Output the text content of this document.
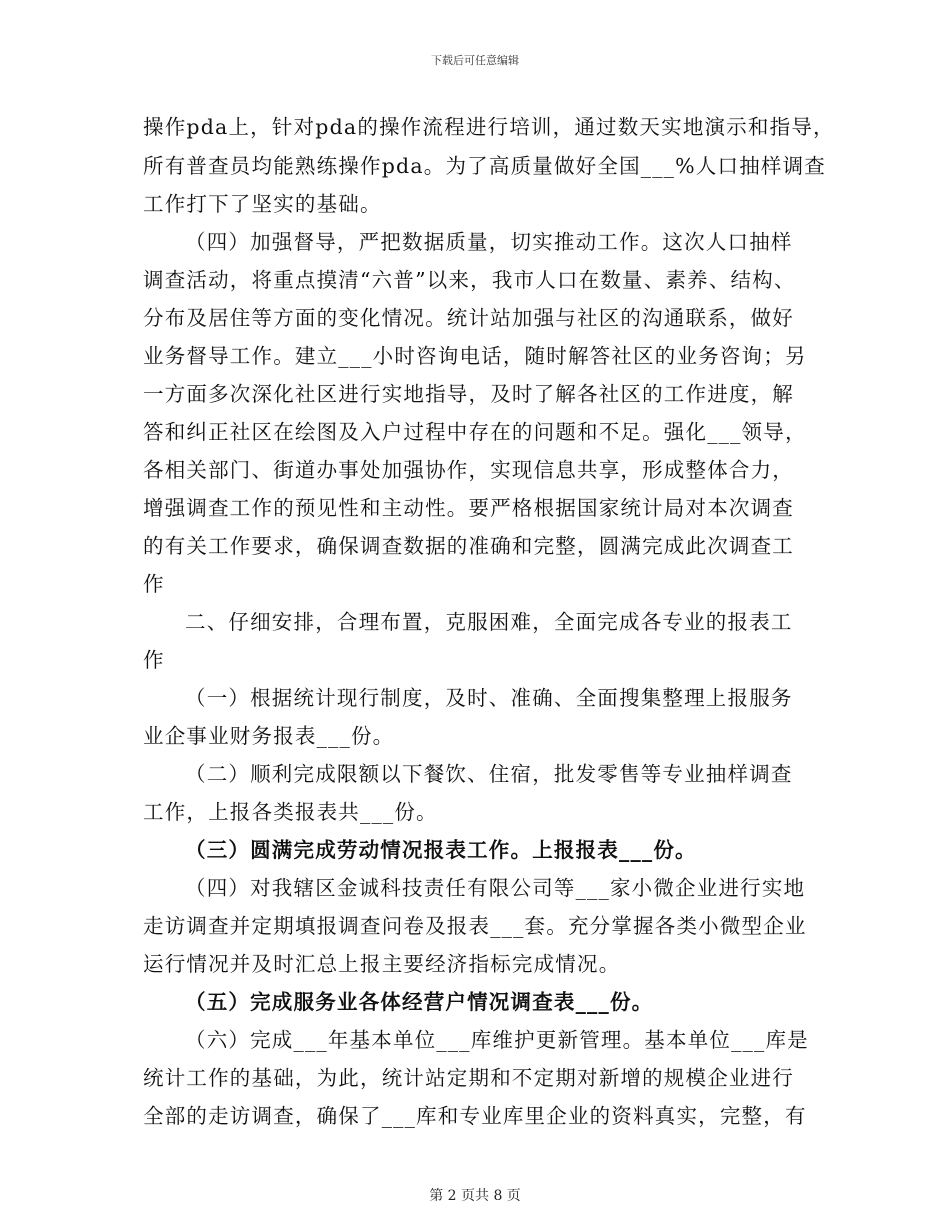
下载后可任意编辑
操作pda上，针对pda的操作流程进行培训，通过数天实地演示和指导，
所有普查员均能熟练操作pda。为了高质量做好全国___%人口抽样调查
工作打下了坚实的基础。
（四）加强督导，严把数据质量，切实推动工作。这次人口抽样
调查活动，将重点摸清“六普”以来，我市人口在数量、素养、结构、
分布及居住等方面的变化情况。统计站加强与社区的沟通联系，做好
业务督导工作。建立___小时咨询电话，随时解答社区的业务咨询；另
一方面多次深化社区进行实地指导，及时了解各社区的工作进度，解
答和纠正社区在绘图及入户过程中存在的问题和不足。强化___领导，
各相关部门、街道办事处加强协作，实现信息共享，形成整体合力，
增强调查工作的预见性和主动性。要严格根据国家统计局对本次调查
的有关工作要求，确保调查数据的准确和完整，圆满完成此次调查工
作
二、仔细安排，合理布置，克服困难，全面完成各专业的报表工
作
（一）根据统计现行制度，及时、准确、全面搜集整理上报服务
业企事业财务报表___份。
（二）顺利完成限额以下餐饮、住宿，批发零售等专业抽样调查
工作，上报各类报表共___份。
（三）圆满完成劳动情况报表工作。上报报表___份。
（四）对我辖区金诚科技责任有限公司等___家小微企业进行实地
走访调查并定期填报调查问卷及报表___套。充分掌握各类小微型企业
运行情况并及时汇总上报主要经济指标完成情况。
（五）完成服务业各体经营户情况调查表___份。
（六）完成___年基本单位___库维护更新管理。基本单位___库是
统计工作的基础，为此，统计站定期和不定期对新增的规模企业进行
全部的走访调查，确保了___库和专业库里企业的资料真实，完整，有
第 2 页共 8 页
